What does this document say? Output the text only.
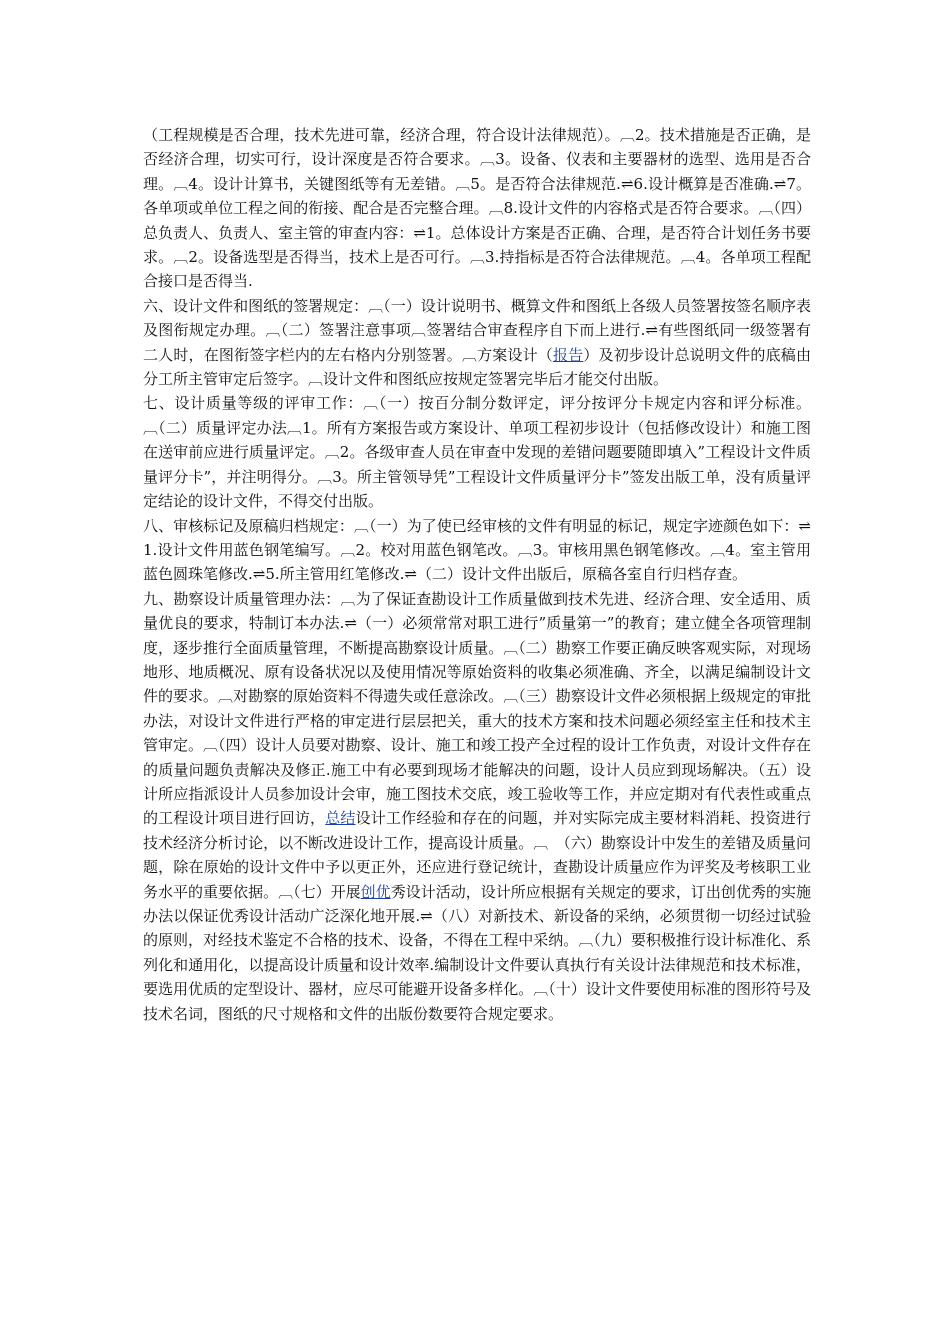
（工程规模是否合理，技术先进可靠，经济合理，符合设计法律规范）。︹2。技术措施是否正确，是否经济合理，切实可行，设计深度是否符合要求。︹3。设备、仪表和主要器材的选型、选用是否合理。︹4。设计计算书，关键图纸等有无差错。︹5。是否符合法律规范.⇌6.设计概算是否准确.⇌7。各单项或单位工程之间的衔接、配合是否完整合理。︹8.设计文件的内容格式是否符合要求。︹（四）总负责人、负责人、室主管的审查内容：⇌1。总体设计方案是否正确、合理，是否符合计划任务书要求。︹2。设备选型是否得当，技术上是否可行。︹3.持指标是否符合法律规范。︹4。各单项工程配合接口是否得当.

六、设计文件和图纸的签署规定：︹（一）设计说明书、概算文件和图纸上各级人员签署按签名顺序表及图衔规定办理。︹（二）签署注意事项︹签署结合审查程序自下而上进行.⇌有些图纸同一级签署有二人时，在图衔签字栏内的左右格内分别签署。︹方案设计（报告）及初步设计总说明文件的底稿由分工所主管审定后签字。︹设计文件和图纸应按规定签署完毕后才能交付出版。

七、设计质量等级的评审工作：︹（一）按百分制分数评定，评分按评分卡规定内容和评分标准。︹（二）质量评定办法︹1。所有方案报告或方案设计、单项工程初步设计（包括修改设计）和施工图在送审前应进行质量评定。︹2。各级审查人员在审查中发现的差错问题要随即填入”工程设计文件质量评分卡”，并注明得分。︹3。所主管领导凭”工程设计文件质量评分卡”签发出版工单，没有质量评定结论的设计文件，不得交付出版。

八、审核标记及原稿归档规定：︹（一）为了使已经审核的文件有明显的标记，规定字迹颜色如下：⇌1.设计文件用蓝色钢笔编写。︹2。校对用蓝色钢笔改。︹3。审核用黑色钢笔修改。︹4。室主管用蓝色圆珠笔修改.⇌5.所主管用红笔修改.⇌（二）设计文件出版后，原稿各室自行归档存查。

九、勘察设计质量管理办法：︹为了保证查勘设计工作质量做到技术先进、经济合理、安全适用、质量优良的要求，特制订本办法.⇌（一）必须常常对职工进行”质量第一”的教育；建立健全各项管理制度，逐步推行全面质量管理，不断提高勘察设计质量。︹（二）勘察工作要正确反映客观实际，对现场地形、地质概况、原有设备状况以及使用情况等原始资料的收集必须准确、齐全，以满足编制设计文件的要求。︹对勘察的原始资料不得遗失或任意涂改。︹（三）勘察设计文件必须根据上级规定的审批办法，对设计文件进行严格的审定进行层层把关，重大的技术方案和技术问题必须经室主任和技术主管审定。︹（四）设计人员要对勘察、设计、施工和竣工投产全过程的设计工作负责，对设计文件存在的质量问题负责解决及修正.施工中有必要到现场才能解决的问题，设计人员应到现场解决。（五）设计所应指派设计人员参加设计会审，施工图技术交底，竣工验收等工作，并应定期对有代表性或重点的工程设计项目进行回访，总结设计工作经验和存在的问题，并对实际完成主要材料消耗、投资进行技术经济分析讨论，以不断改进设计工作，提高设计质量。︹　（六）勘察设计中发生的差错及质量问题，除在原始的设计文件中予以更正外，还应进行登记统计，查勘设计质量应作为评奖及考核职工业务水平的重要依据。︹（七）开展创优秀设计活动，设计所应根据有关规定的要求，订出创优秀的实施办法以保证优秀设计活动广泛深化地开展.⇌（八）对新技术、新设备的采纳，必须贯彻一切经过试验的原则，对经技术鉴定不合格的技术、设备，不得在工程中采纳。︹（九）要积极推行设计标准化、系列化和通用化，以提高设计质量和设计效率.编制设计文件要认真执行有关设计法律规范和技术标准，要选用优质的定型设计、器材，应尽可能避开设备多样化。︹（十）设计文件要使用标准的图形符号及技术名词，图纸的尺寸规格和文件的出版份数要符合规定要求。
